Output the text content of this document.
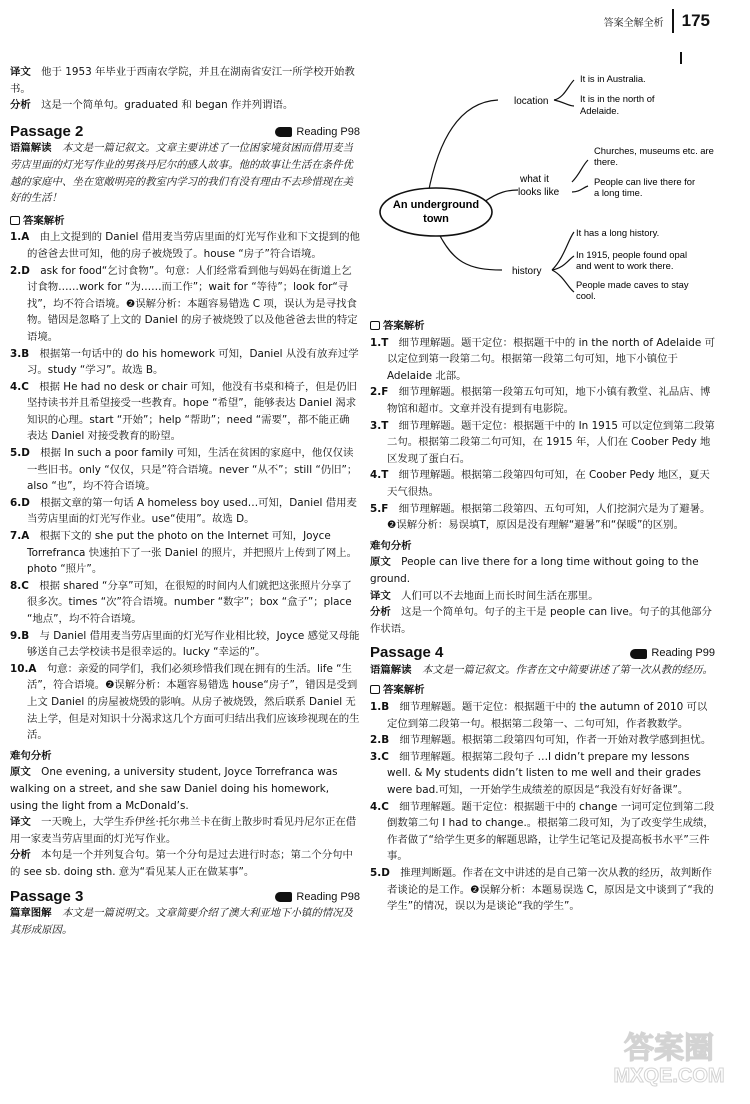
答案全解全析 175

译文　 他于 1953 年毕业于西南农学院，并且在湖南省安江一所学校开始教书。

分析　 这是一个简单句。graduated 和 began 作并列谓语。

Passage 2	Reading P98

语篇解读　 本文是一篇记叙文。文章主要讲述了一位困家境贫困而借用麦当劳店里面的灯光写作业的男孩丹尼尔的感人故事。他的故事让生活在条件优越的家庭中、坐在宽敞明亮的教室内学习的我们有没有理由不去珍惜现在美好的生活！

答案解析

1.A　 由上文提到的 Daniel 借用麦当劳店里面的灯光写作业和下文提到的他的爸爸去世可知，他的房子被烧毁了。house “房子”符合语境。

2.D　 ask for food“乞讨食物”。句意：人们经常看到他与妈妈在街道上乞讨食物……work for “为……而工作”；wait for “等待”；look for“寻找”，均不符合语境。❷误解分析：本题容易错选 C 项，误认为是寻找食物。错因是忽略了上文的 Daniel 的房子被烧毁了以及他爸爸去世的特定语境。

3.B　 根据第一句话中的 do his homework 可知，Daniel 从没有放弃过学习。study “学习”。故选 B。

4.C　 根据 He had no desk or chair 可知，他没有书桌和椅子，但是仍旧坚持读书并且希望接受一些教育。hope “希望”，能够表达 Daniel 渴求知识的心理。start “开始”；help “帮助”；need “需要”，都不能正确表达 Daniel 对接受教育的盼望。

5.D　 根据 In such a poor family 可知，生活在贫困的家庭中，他仅仅读一些旧书。only “仅仅，只是”符合语境。never “从不”；still “仍旧”；also “也”，均不符合语境。

6.D　 根据文章的第一句话 A homeless boy used…可知，Daniel 借用麦当劳店里面的灯光写作业。use“使用”。故选 D。

7.A　 根据下文的 she put the photo on the Internet 可知，Joyce Torrefranca 快速拍下了一张 Daniel 的照片，并把照片上传到了网上。photo “照片”。

8.C　 根据 shared “分享”可知，在很短的时间内人们就把这张照片分享了很多次。times “次”符合语境。number “数字”；box “盒子”；place “地点”，均不符合语境。

9.B　 与 Daniel 借用麦当劳店里面的灯光写作业相比较，Joyce 感觉又母能够送自己去学校读书是很幸运的。lucky “幸运的”。

10.A　 句意：亲爱的同学们，我们必须珍惜我们现在拥有的生活。life “生活”，符合语境。❷误解分析：本题容易错选 house“房子”，错因是受到上文 Daniel 的房屋被烧毁的影响。从房子被烧毁，然后联系 Daniel 无法上学，但是对知识十分渴求这几个方面可归结出我们应该珍视现在的生活。

难句分析

原文　 One evening, a university student, Joyce Torrefranca was walking on a street, and she saw Daniel doing his homework, using the light from a McDonald’s.

译文　 一天晚上，大学生乔伊丝·托尔弗兰卡在街上散步时看见丹尼尔正在借用一家麦当劳店里面的灯光写作业。

分析　 本句是一个并列复合句。第一个分句是过去进行时态；第二个分句中的 see sb. doing sth. 意为“看见某人正在做某事”。

Passage 3	Reading P98

篇章图解　 本文是一篇说明文。文章简要介绍了澳大利亚地下小镇的情况及其形成原因。

An underground
town
location
what it
looks like
history
It is in Australia.
It is in the north of
Adelaide.
Churches, museums etc. are
there.
People can live there for
a long time.
It has a long history.
In 1915, people found opal
and went to work there.
People made caves to stay
cool.

答案解析

1.T　 细节理解题。题干定位：根据题干中的 in the north of Adelaide 可以定位到第一段第二句。根据第一段第二句可知，地下小镇位于 Adelaide 北部。

2.F　 细节理解题。根据第一段第五句可知，地下小镇有教堂、礼品店、博物馆和超市。文章并没有提到有电影院。

3.T　 细节理解题。题干定位：根据题干中的 In 1915 可以定位到第二段第二句。根据第二段第二句可知，在 1915 年，人们在 Coober Pedy 地区发现了蛋白石。

4.T　 细节理解题。根据第二段第四句可知，在 Coober Pedy 地区，夏天天气很热。

5.F　 细节理解题。根据第二段第四、五句可知，人们挖洞穴是为了避暑。❷误解分析：易误填T，原因是没有理解“避暑”和“保暖”的区别。

难句分析

原文　 People can live there for a long time without going to the ground.

译文　 人们可以不去地面上而长时间生活在那里。

分析　 这是一个简单句。句子的主干是 people can live。句子的其他部分作状语。

Passage 4	Reading P99

语篇解读　 本文是一篇记叙文。作者在文中简要讲述了第一次从教的经历。

答案解析

1.B　 细节理解题。题干定位：根据题干中的 the autumn of 2010 可以定位到第二段第一句。根据第二段第一、二句可知，作者教数学。

2.B　 细节理解题。根据第二段第四句可知，作者一开始对教学感到担忧。

3.C　 细节理解题。根据第二段句子 …I didn’t prepare my lessons well. & My students didn’t listen to me well and their grades were bad.可知，一开始学生成绩差的原因是“我没有好好备课”。

4.C　 细节理解题。题干定位：根据题干中的 change 一词可定位到第二段倒数第二句 I had to change.。根据第二段可知，为了改变学生成绩，作者做了“给学生更多的解题思路，让学生记笔记及提高板书水平”三件事。

5.D　 推理判断题。作者在文中讲述的是自己第一次从教的经历，故判断作者谈论的是工作。❷误解分析：本题易误选 C，原因是文中谈到了“我的学生”的情况，误以为是谈论“我的学生”。

答案圈
MXQE.COM
